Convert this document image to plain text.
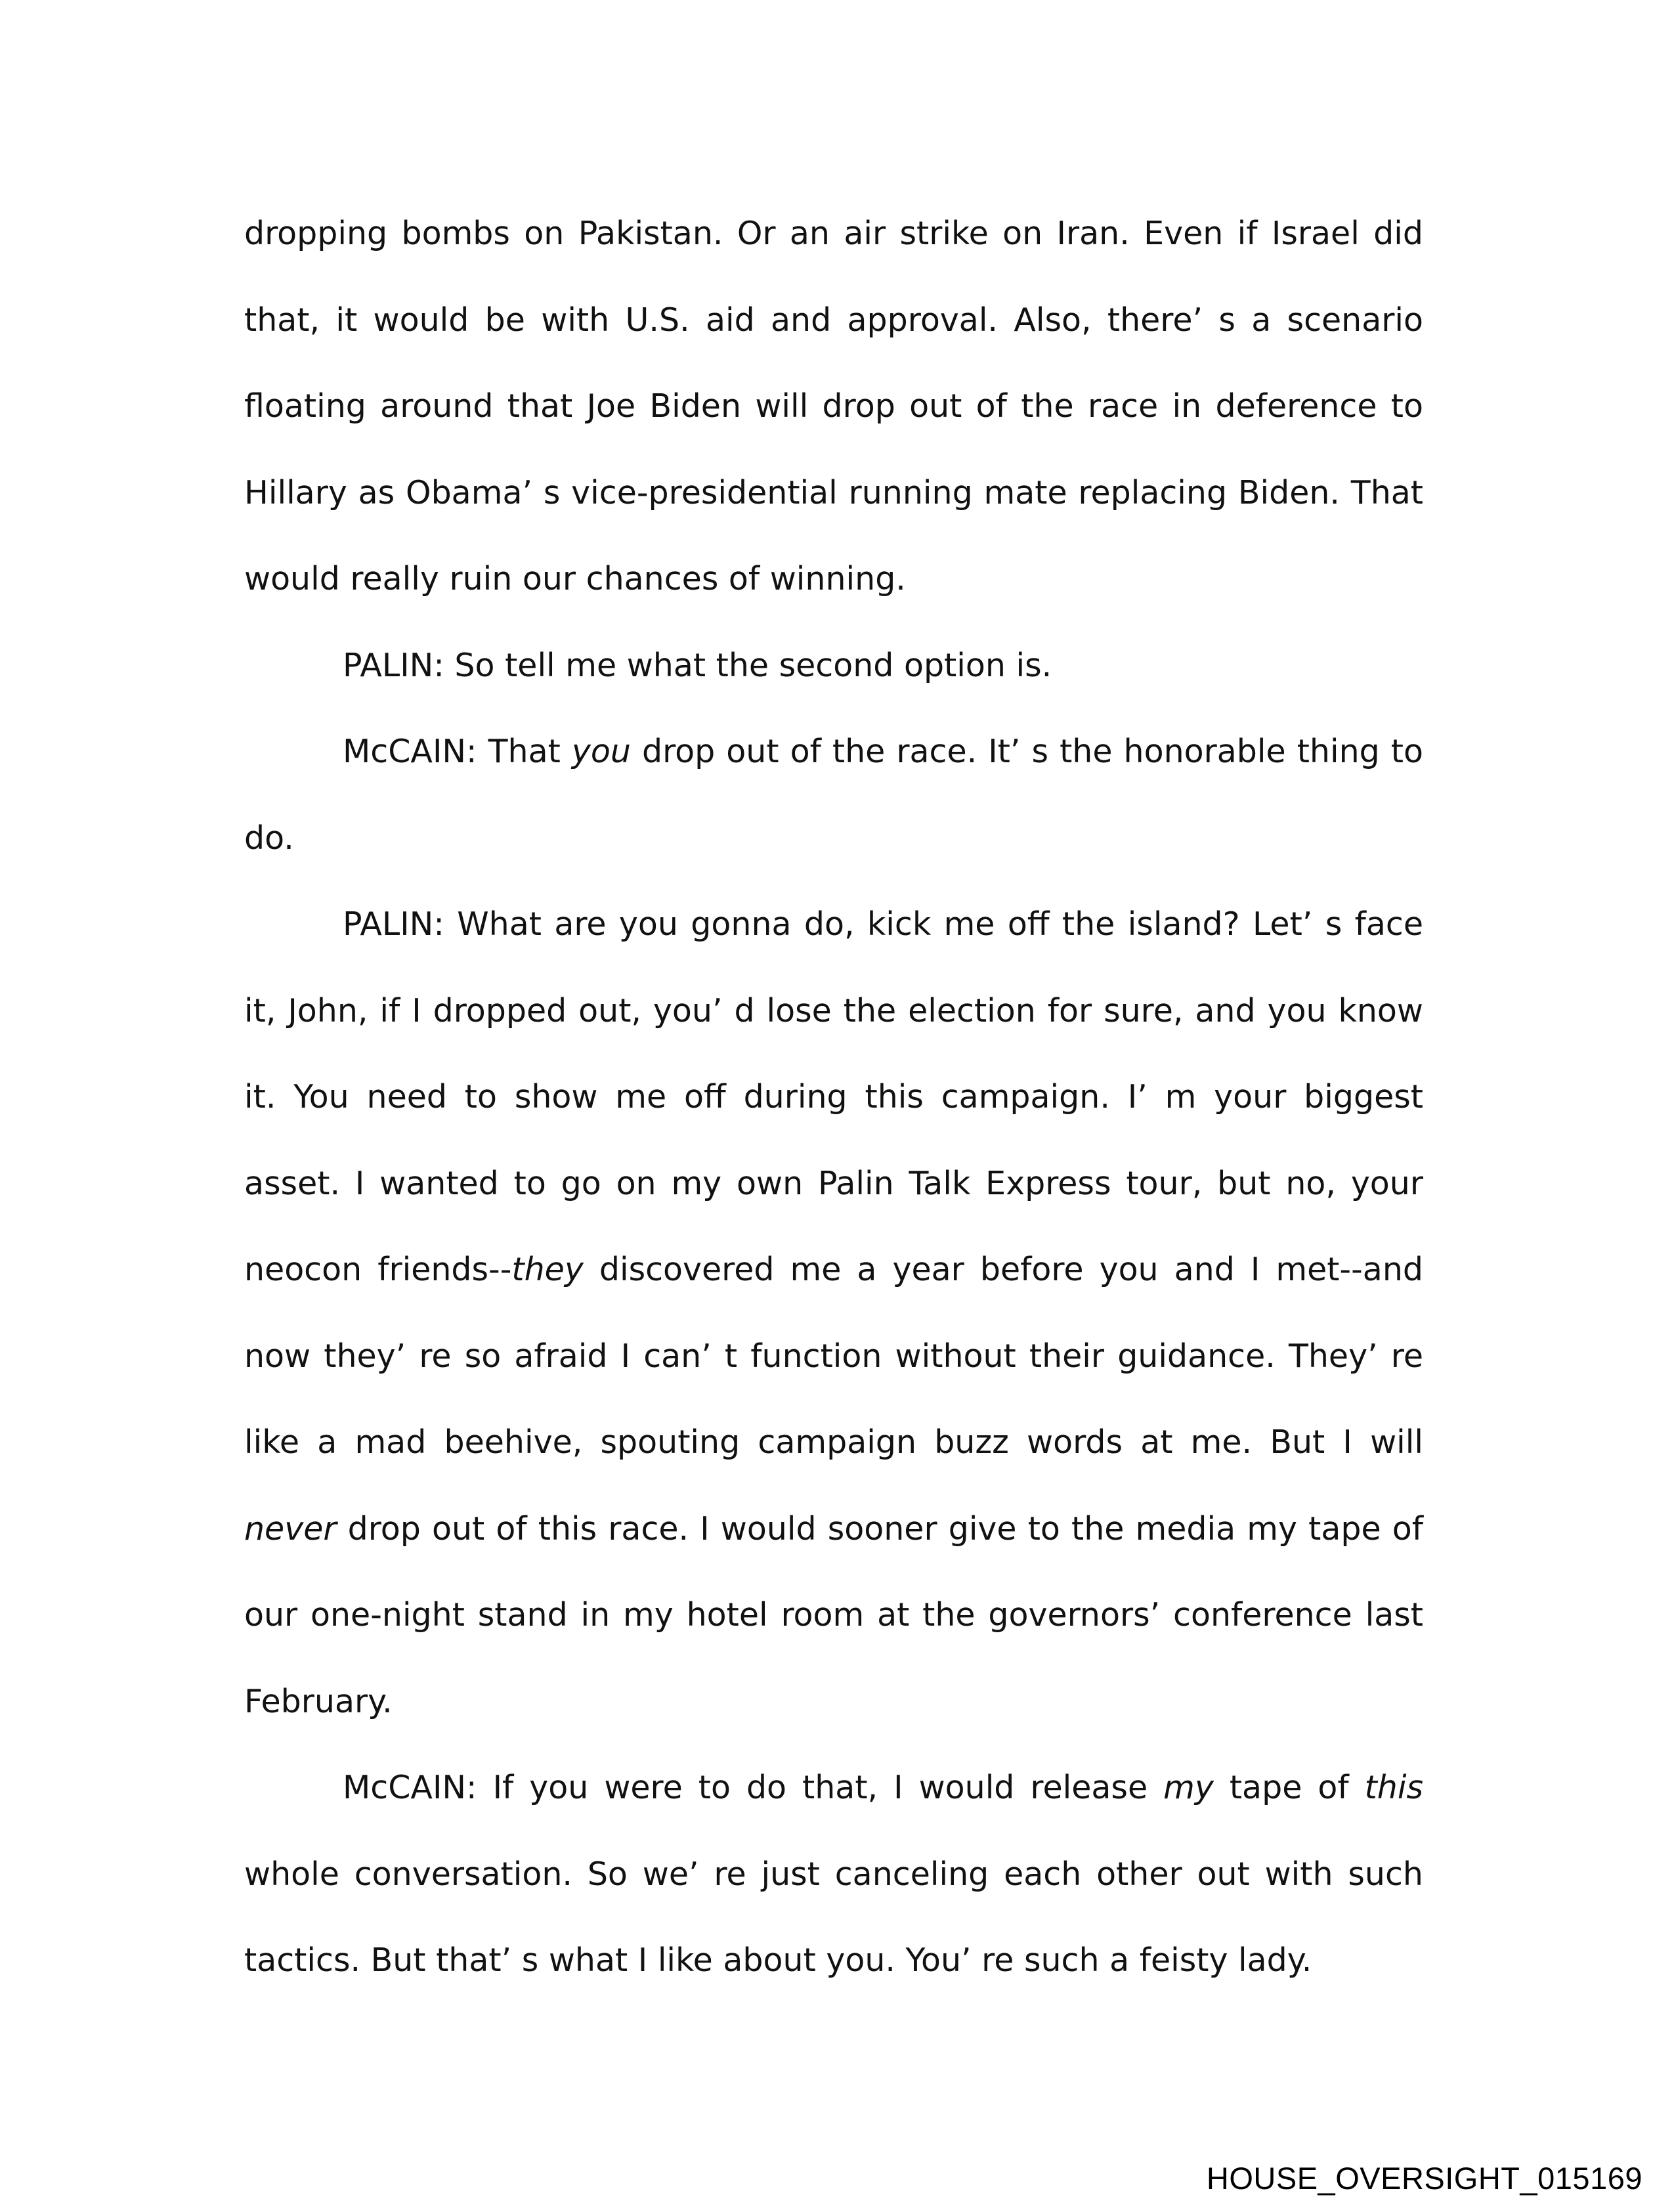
dropping bombs on Pakistan. Or an air strike on Iran. Even if Israel did that, it would be with U.S. aid and approval. Also, there’ s a scenario floating around that Joe Biden will drop out of the race in deference to Hillary as Obama’ s vice-presidential running mate replacing Biden. That would really ruin our chances of winning.

PALIN: So tell me what the second option is.

McCAIN: That you drop out of the race. It’ s the honorable thing to do.

PALIN: What are you gonna do, kick me off the island? Let’ s face it, John, if I dropped out, you’ d lose the election for sure, and you know it. You need to show me off during this campaign. I’ m your biggest asset. I wanted to go on my own Palin Talk Express tour, but no, your neocon friends--they discovered me a year before you and I met--and now they’ re so afraid I can’ t function without their guidance. They’ re like a mad beehive, spouting campaign buzz words at me. But I will never drop out of this race. I would sooner give to the media my tape of our one-night stand in my hotel room at the governors’ conference last February.

McCAIN: If you were to do that, I would release my tape of this whole conversation. So we’ re just canceling each other out with such tactics. But that’ s what I like about you. You’ re such a feisty lady.

HOUSE_OVERSIGHT_015169
